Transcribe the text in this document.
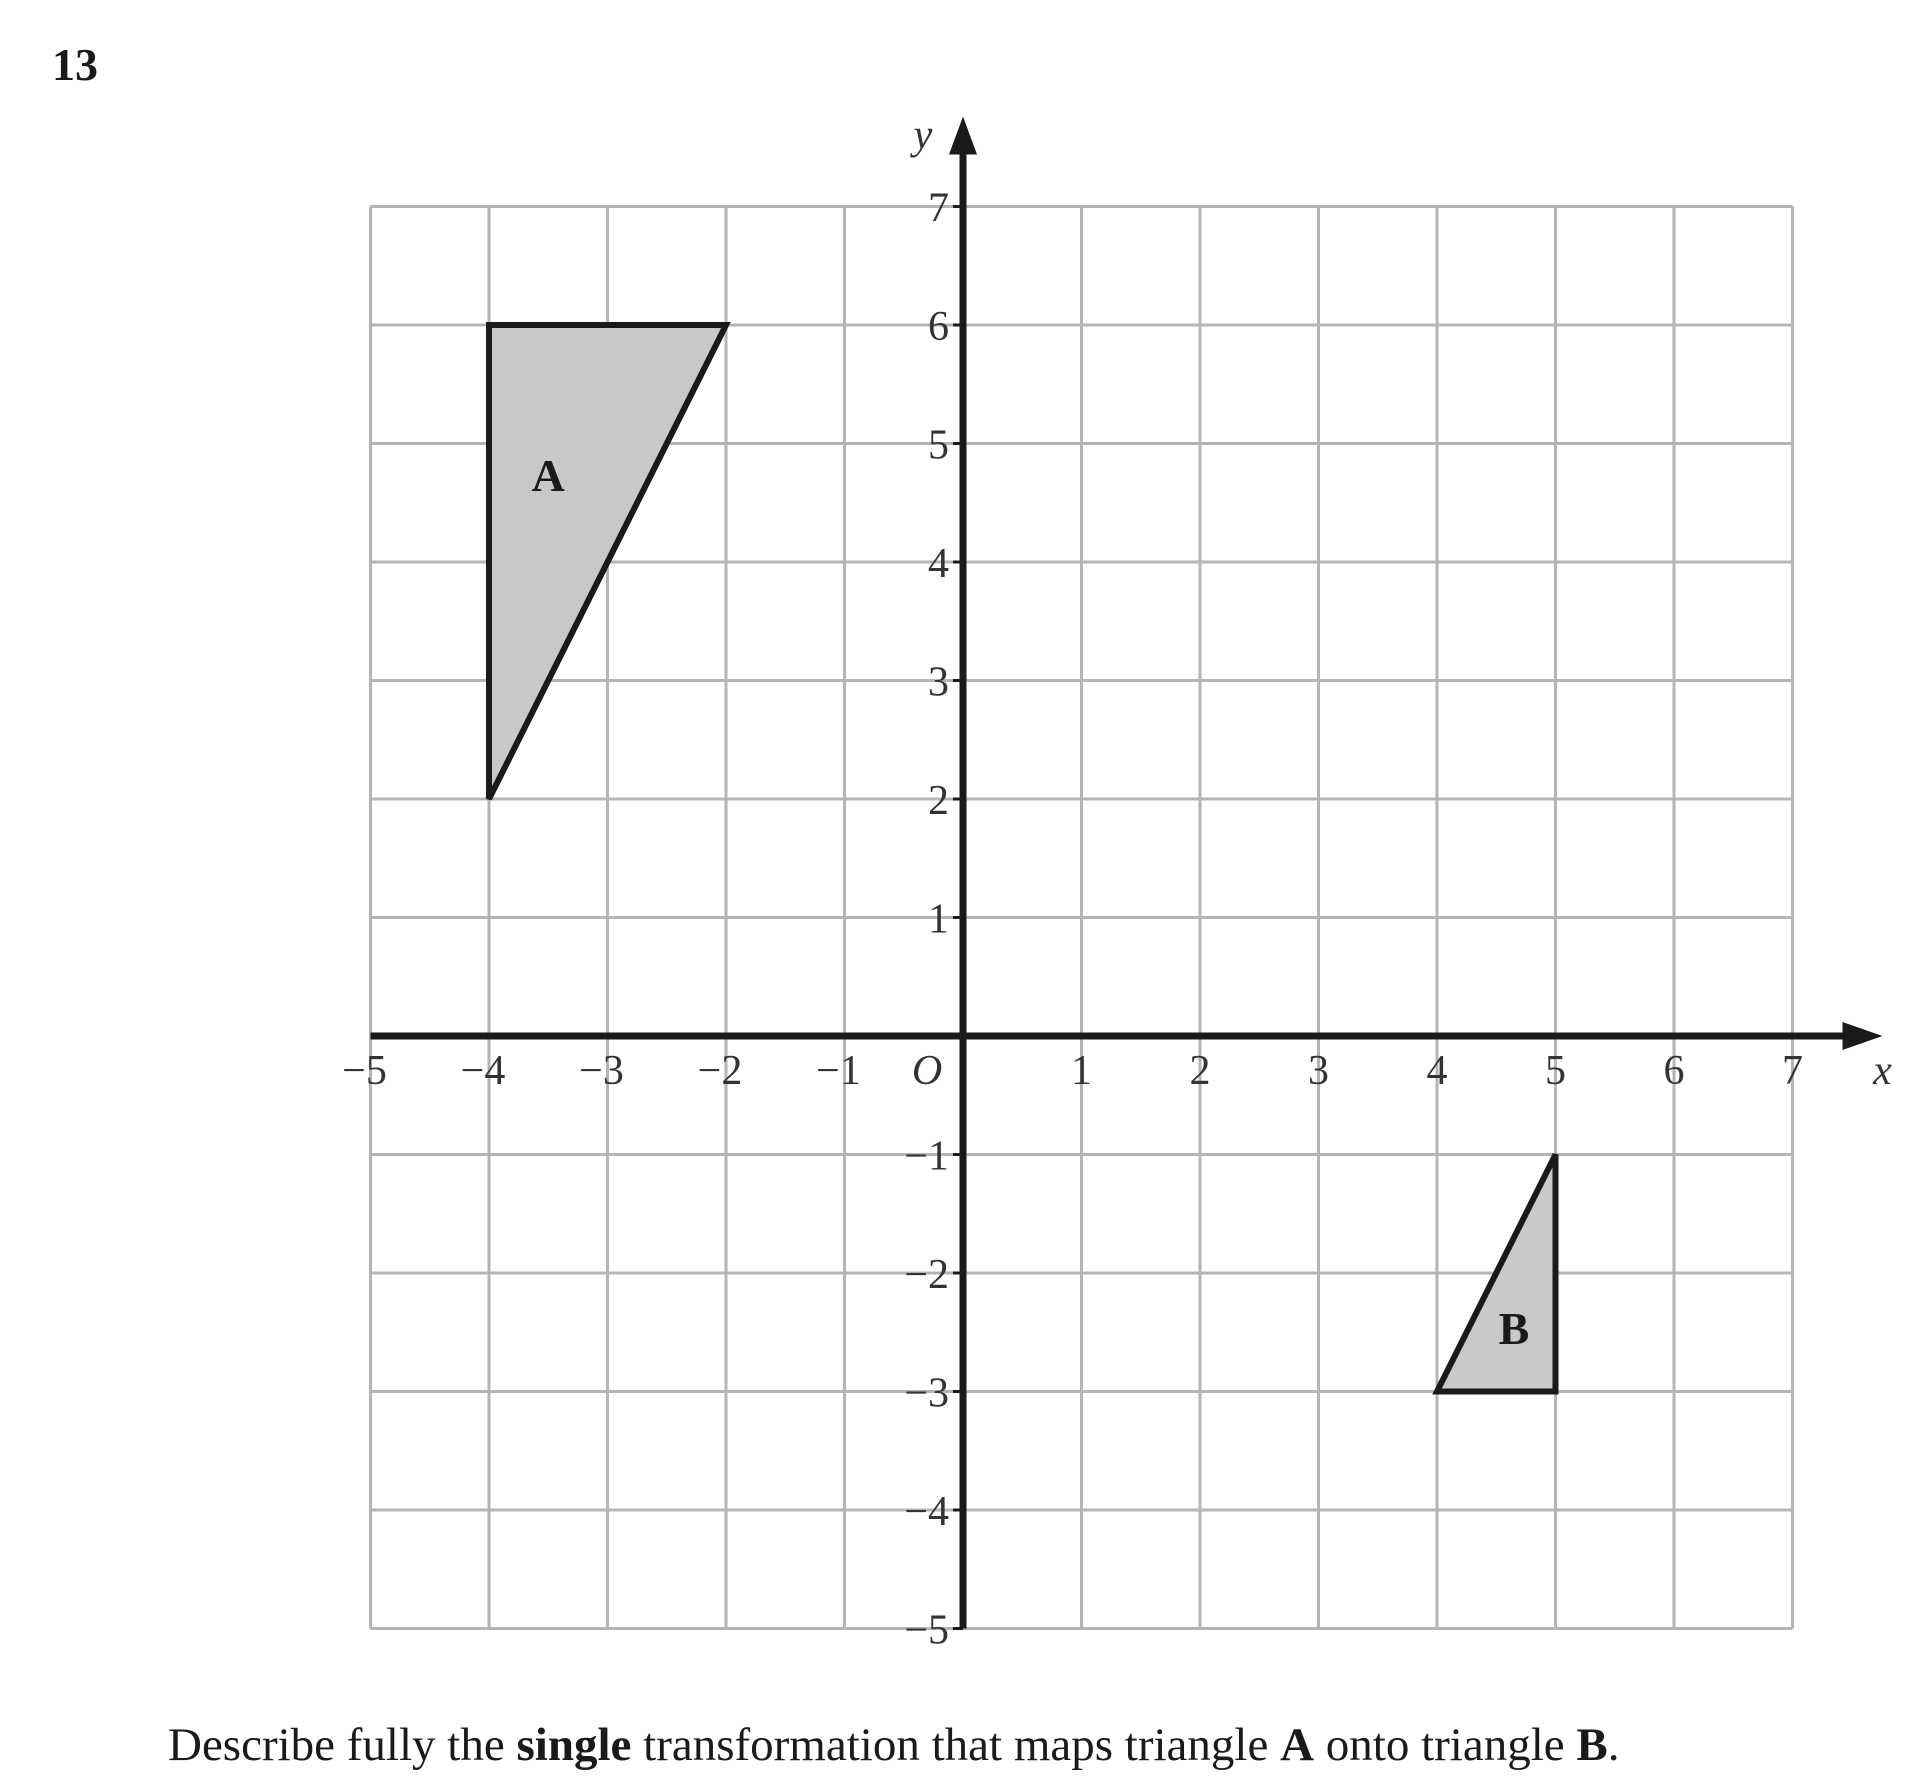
13
A
B
−5 −4 −3 −2 −1	1 2 3 4 5 6 7
7
6
5
4
3
2
1
−1
−2
−3
−4
−5
O	x
y
Describe fully the single transformation that maps triangle A onto triangle B.
